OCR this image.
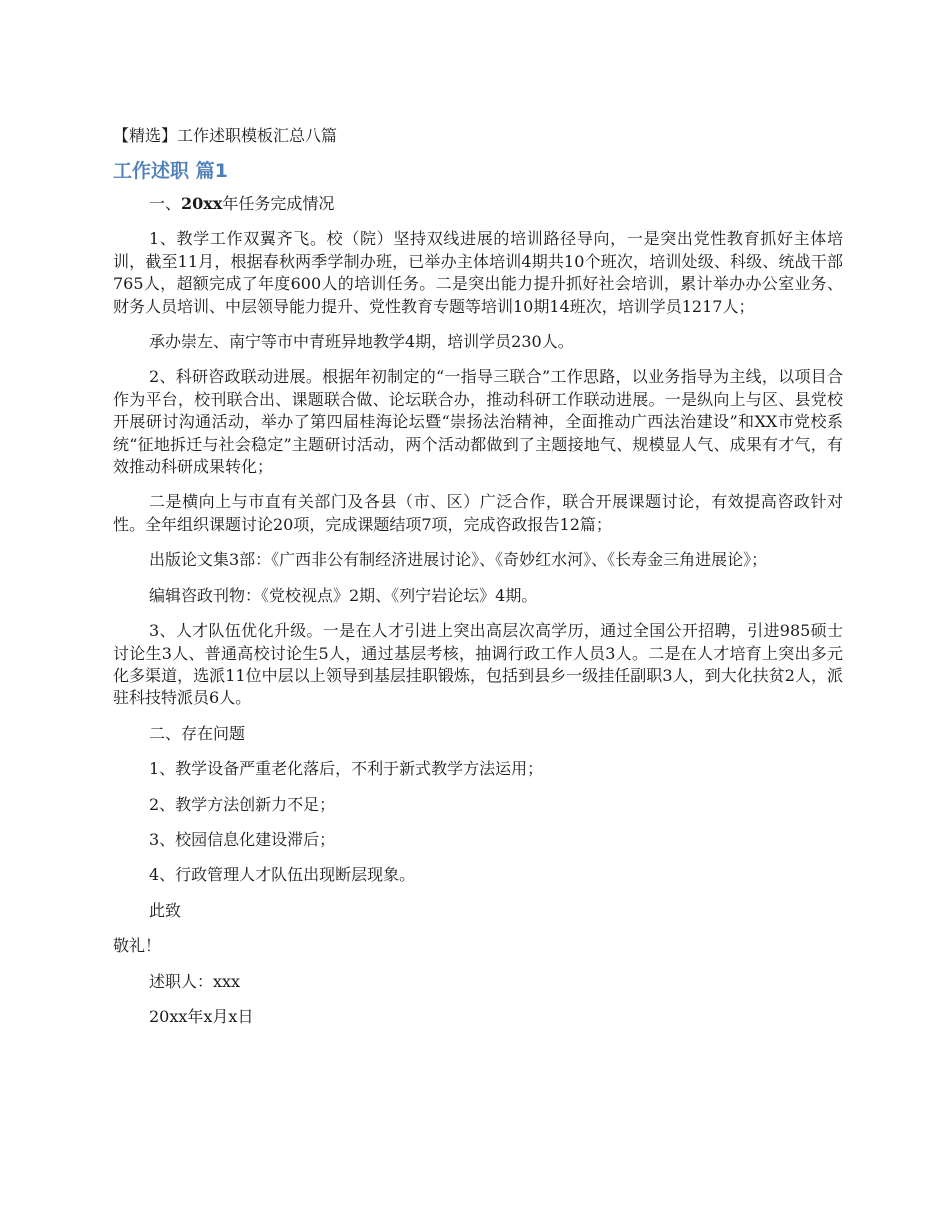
【精选】工作述职模板汇总八篇
工作述职 篇1

一、20xx年任务完成情况

1、教学工作双翼齐飞。校（院）坚持双线进展的培训路径导向，一是突出党性教育抓好主体培训，截至11月，根据春秋两季学制办班，已举办主体培训4期共10个班次，培训处级、科级、统战干部765人，超额完成了年度600人的培训任务。二是突出能力提升抓好社会培训，累计举办办公室业务、财务人员培训、中层领导能力提升、党性教育专题等培训10期14班次，培训学员1217人；

承办崇左、南宁等市中青班异地教学4期，培训学员230人。

2、科研咨政联动进展。根据年初制定的“一指导三联合”工作思路，以业务指导为主线，以项目合作为平台，校刊联合出、课题联合做、论坛联合办，推动科研工作联动进展。一是纵向上与区、县党校开展研讨沟通活动，举办了第四届桂海论坛暨“崇扬法治精神，全面推动广西法治建设”和XX市党校系统“征地拆迁与社会稳定”主题研讨活动，两个活动都做到了主题接地气、规模显人气、成果有才气，有效推动科研成果转化；

二是横向上与市直有关部门及各县（市、区）广泛合作，联合开展课题讨论，有效提高咨政针对性。全年组织课题讨论20项，完成课题结项7项，完成咨政报告12篇；

出版论文集3部：《广西非公有制经济进展讨论》、《奇妙红水河》、《长寿金三角进展论》；

编辑咨政刊物：《党校视点》2期、《列宁岩论坛》4期。

3、人才队伍优化升级。一是在人才引进上突出高层次高学历，通过全国公开招聘，引进985硕士讨论生3人、普通高校讨论生5人，通过基层考核，抽调行政工作人员3人。二是在人才培育上突出多元化多渠道，选派11位中层以上领导到基层挂职锻炼，包括到县乡一级挂任副职3人，到大化扶贫2人，派驻科技特派员6人。

二、存在问题

1、教学设备严重老化落后，不利于新式教学方法运用；

2、教学方法创新力不足；

3、校园信息化建设滞后；

4、行政管理人才队伍出现断层现象。

此致

敬礼！

述职人：xxx

20xx年x月x日
